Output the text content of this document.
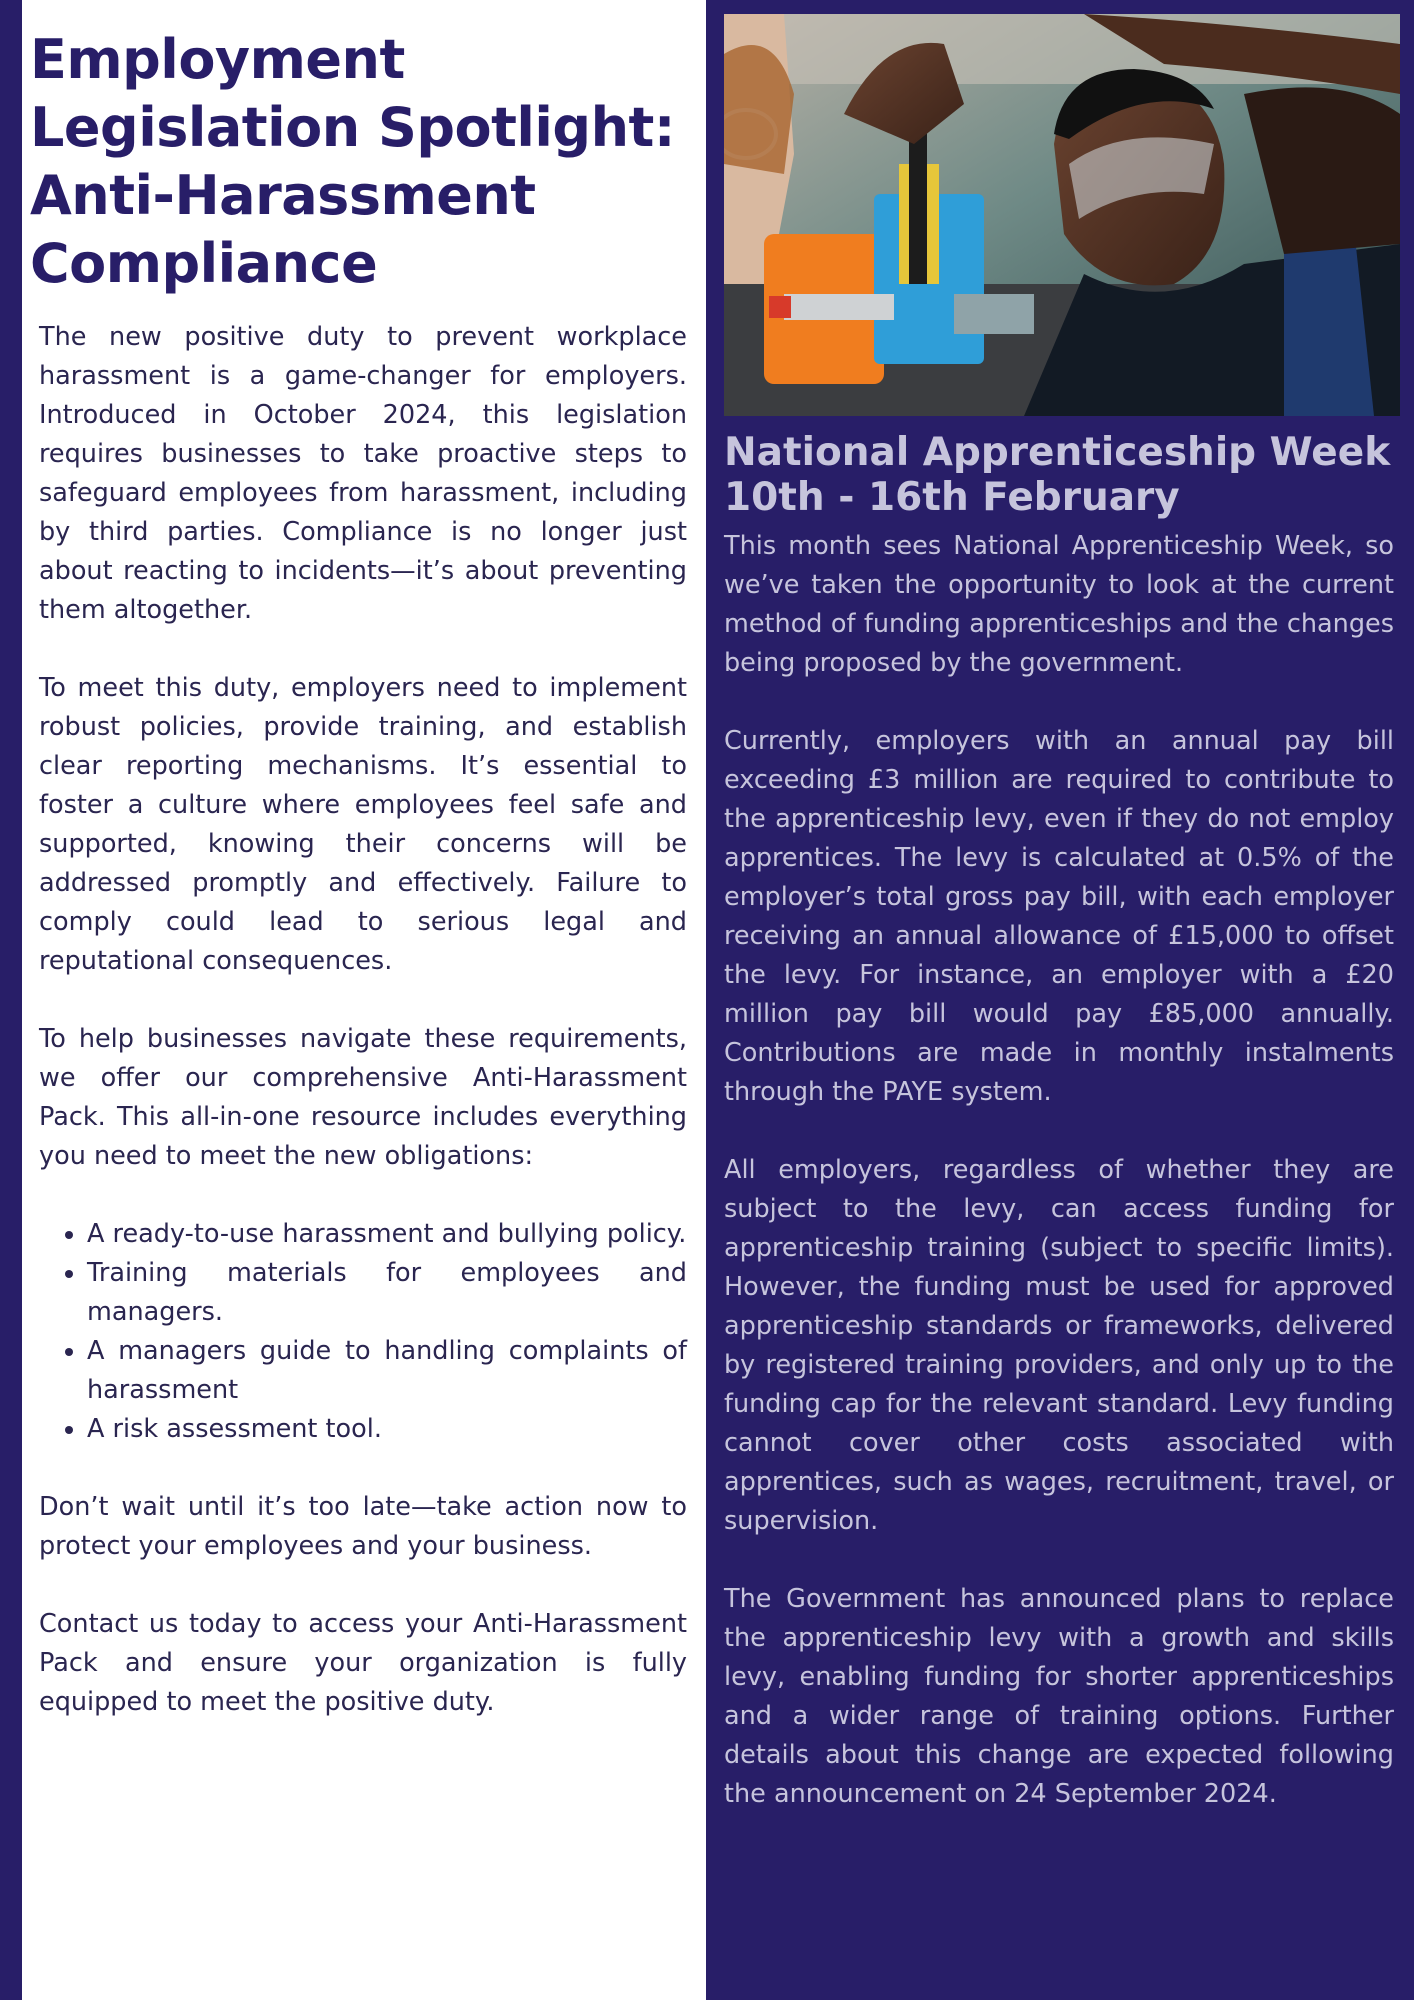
Employment Legislation Spotlight: Anti-Harassment Compliance

The new positive duty to prevent workplace harassment is a game-changer for employers. Introduced in October 2024, this legislation requires businesses to take proactive steps to safeguard employees from harassment, including by third parties. Compliance is no longer just about reacting to incidents—it’s about preventing them altogether.

To meet this duty, employers need to implement robust policies, provide training, and establish clear reporting mechanisms. It’s essential to foster a culture where employees feel safe and supported, knowing their concerns will be addressed promptly and effectively. Failure to comply could lead to serious legal and reputational consequences.

To help businesses navigate these requirements, we offer our comprehensive Anti-Harassment Pack. This all-in-one resource includes everything you need to meet the new obligations:

• A ready-to-use harassment and bullying policy.
• Training materials for employees and managers.
• A managers guide to handling complaints of harassment
• A risk assessment tool.

Don’t wait until it’s too late—take action now to protect your employees and your business.

Contact us today to access your Anti-Harassment Pack and ensure your organization is fully equipped to meet the positive duty.

National Apprenticeship Week
10th - 16th February

This month sees National Apprenticeship Week, so we’ve taken the opportunity to look at the current method of funding apprenticeships and the changes being proposed by the government.

Currently, employers with an annual pay bill exceeding £3 million are required to contribute to the apprenticeship levy, even if they do not employ apprentices. The levy is calculated at 0.5% of the employer’s total gross pay bill, with each employer receiving an annual allowance of £15,000 to offset the levy. For instance, an employer with a £20 million pay bill would pay £85,000 annually. Contributions are made in monthly instalments through the PAYE system.

All employers, regardless of whether they are subject to the levy, can access funding for apprenticeship training (subject to specific limits). However, the funding must be used for approved apprenticeship standards or frameworks, delivered by registered training providers, and only up to the funding cap for the relevant standard. Levy funding cannot cover other costs associated with apprentices, such as wages, recruitment, travel, or supervision.

The Government has announced plans to replace the apprenticeship levy with a growth and skills levy, enabling funding for shorter apprenticeships and a wider range of training options. Further details about this change are expected following the announcement on 24 September 2024.
